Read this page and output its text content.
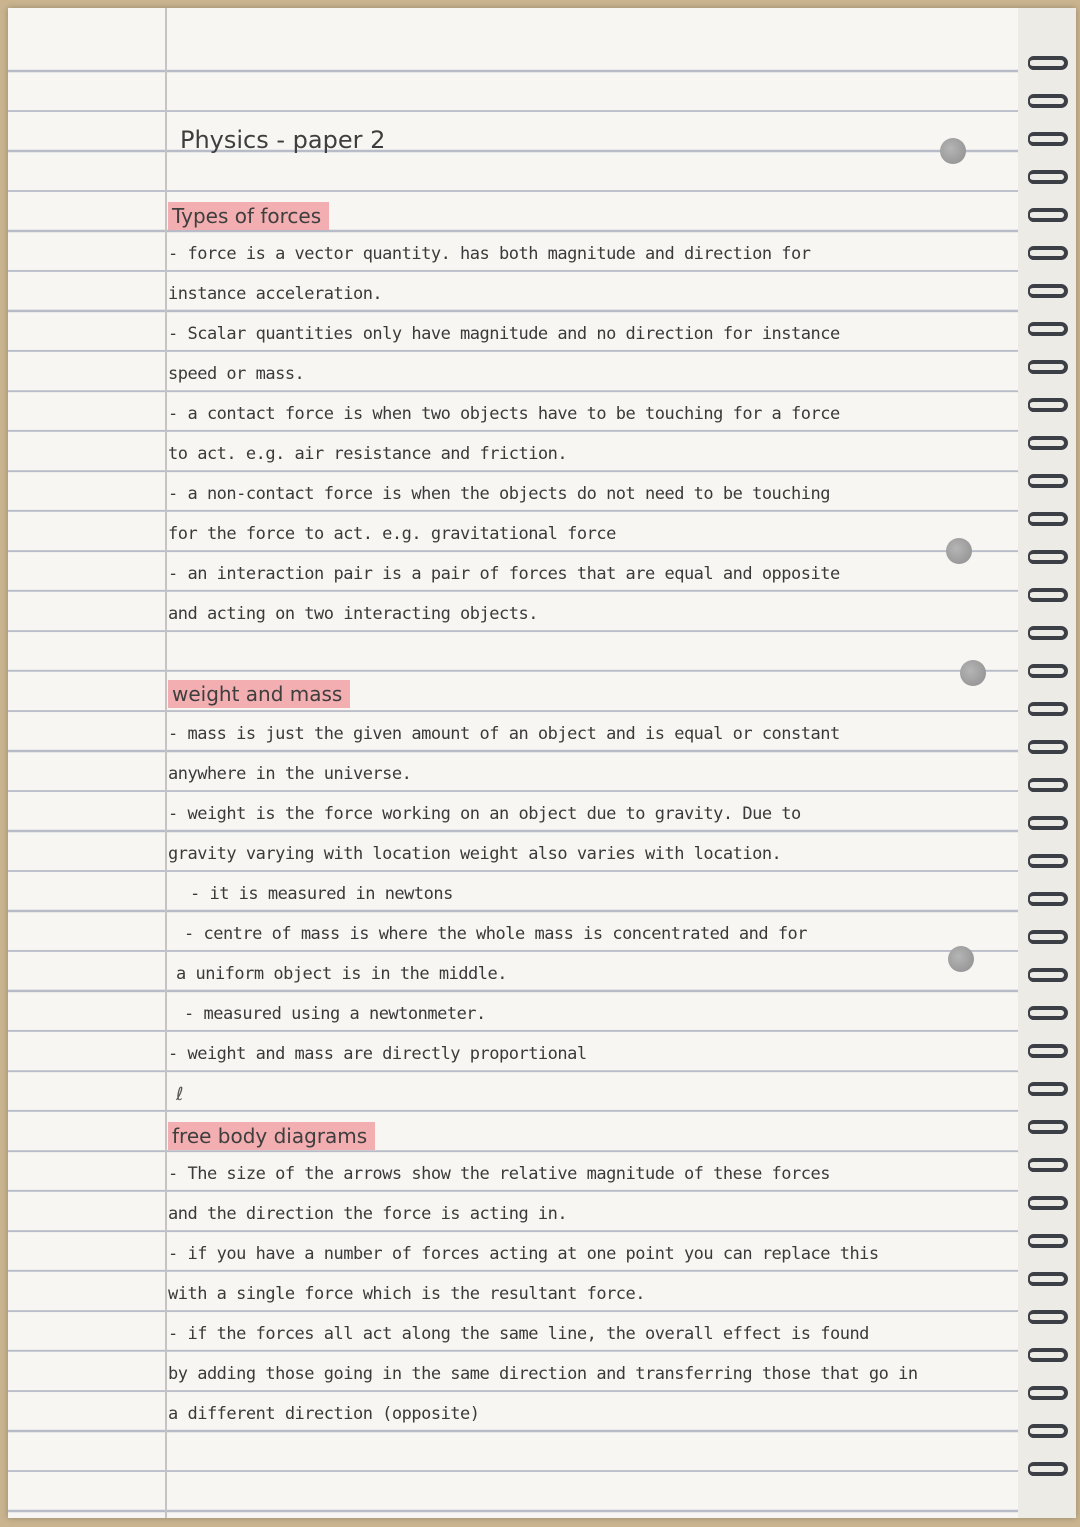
Physics - paper 2
Types of forces
- force is a vector quantity. has both magnitude and direction for
instance acceleration.
- Scalar quantities only have magnitude and no direction for instance
speed or mass.
- a contact force is when two objects have to be touching for a force
to act. e.g. air resistance and friction.
- a non-contact force is when the objects do not need to be touching
for the force to act. e.g. gravitational force
- an interaction pair is a pair of forces that are equal and opposite
and acting on two interacting objects.
weight and mass
- mass is just the given amount of an object and is equal or constant
anywhere in the universe.
- weight is the force working on an object due to gravity. Due to
gravity varying with location weight also varies with location.
- it is measured in newtons
- centre of mass is where the whole mass is concentrated and for
a uniform object is in the middle.
- measured using a newtonmeter.
- weight and mass are directly proportional
ℓ
free body diagrams
- The size of the arrows show the relative magnitude of these forces
and the direction the force is acting in.
- if you have a number of forces acting at one point you can replace this
with a single force which is the resultant force.
- if the forces all act along the same line, the overall effect is found
by adding those going in the same direction and transferring those that go in
a different direction (opposite)
